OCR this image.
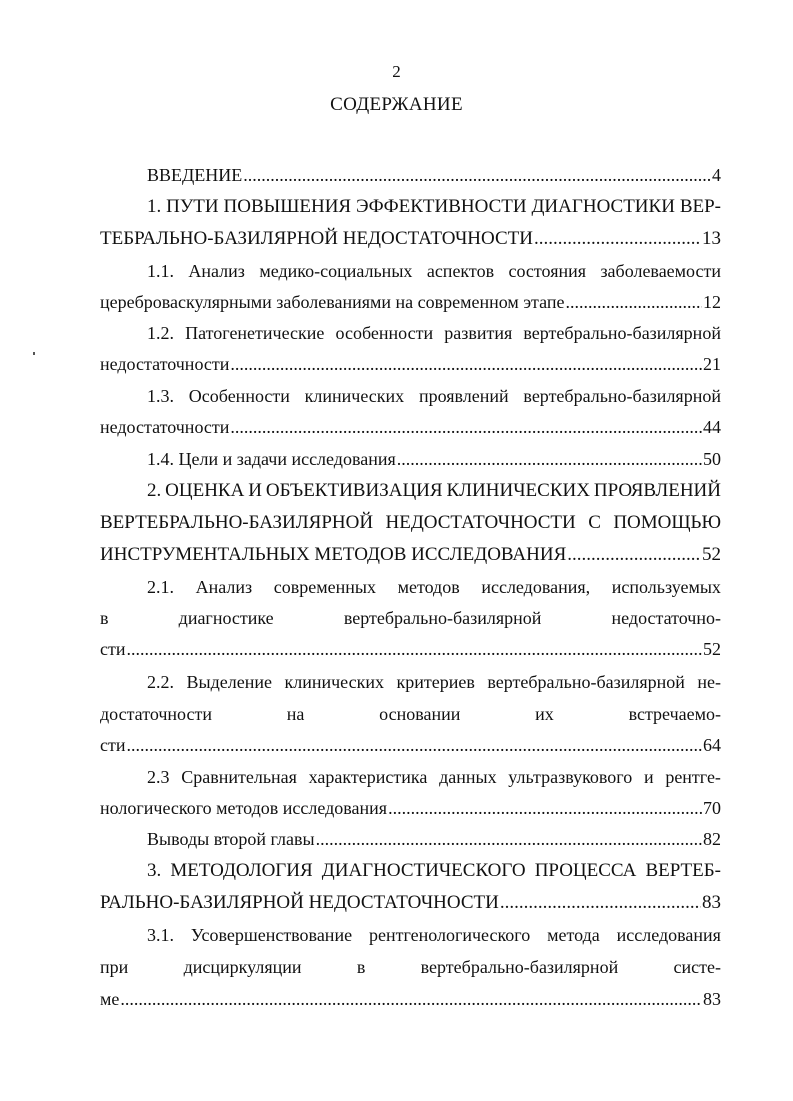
2
СОДЕРЖАНИЕ
ВВЕДЕНИЕ .....	4
1. ПУТИ ПОВЫШЕНИЯ ЭФФЕКТИВНОСТИ ДИАГНОСТИКИ ВЕР-
ТЕБРАЛЬНО-БАЗИЛЯРНОЙ НЕДОСТАТОЧНОСТИ .....	13
1.1. Анализ медико-социальных аспектов состояния заболеваемости
цереброваскулярными заболеваниями на современном этапе .....	12
1.2. Патогенетические особенности развития вертебрально-базилярной
недостаточности .....	21
1.3. Особенности клинических проявлений вертебрально-базилярной
недостаточности .....	44
1.4. Цели и задачи исследования .....	50
2. ОЦЕНКА И ОБЪЕКТИВИЗАЦИЯ КЛИНИЧЕСКИХ ПРОЯВЛЕНИЙ
ВЕРТЕБРАЛЬНО-БАЗИЛЯРНОЙ НЕДОСТАТОЧНОСТИ С ПОМОЩЬЮ
ИНСТРУМЕНТАЛЬНЫХ МЕТОДОВ ИССЛЕДОВАНИЯ .....	52
2.1. Анализ современных методов исследования, используемых
в	диагностике	вертебрально-базилярной	недостаточно-
сти .....	52
2.2. Выделение клинических критериев вертебрально-базилярной не-
достаточности	на	основании	их	встречаемо-
сти .....	64
2.3 Сравнительная характеристика данных ультразвукового и рентге-
нологического методов исследования .....	70
Выводы второй главы .....	82
3. МЕТОДОЛОГИЯ ДИАГНОСТИЧЕСКОГО ПРОЦЕССА ВЕРТЕБ-
РАЛЬНО-БАЗИЛЯРНОЙ НЕДОСТАТОЧНОСТИ .....	83
3.1. Усовершенствование рентгенологического метода исследования
при	дисциркуляции	в	вертебрально-базилярной	систе-
ме .....	83
